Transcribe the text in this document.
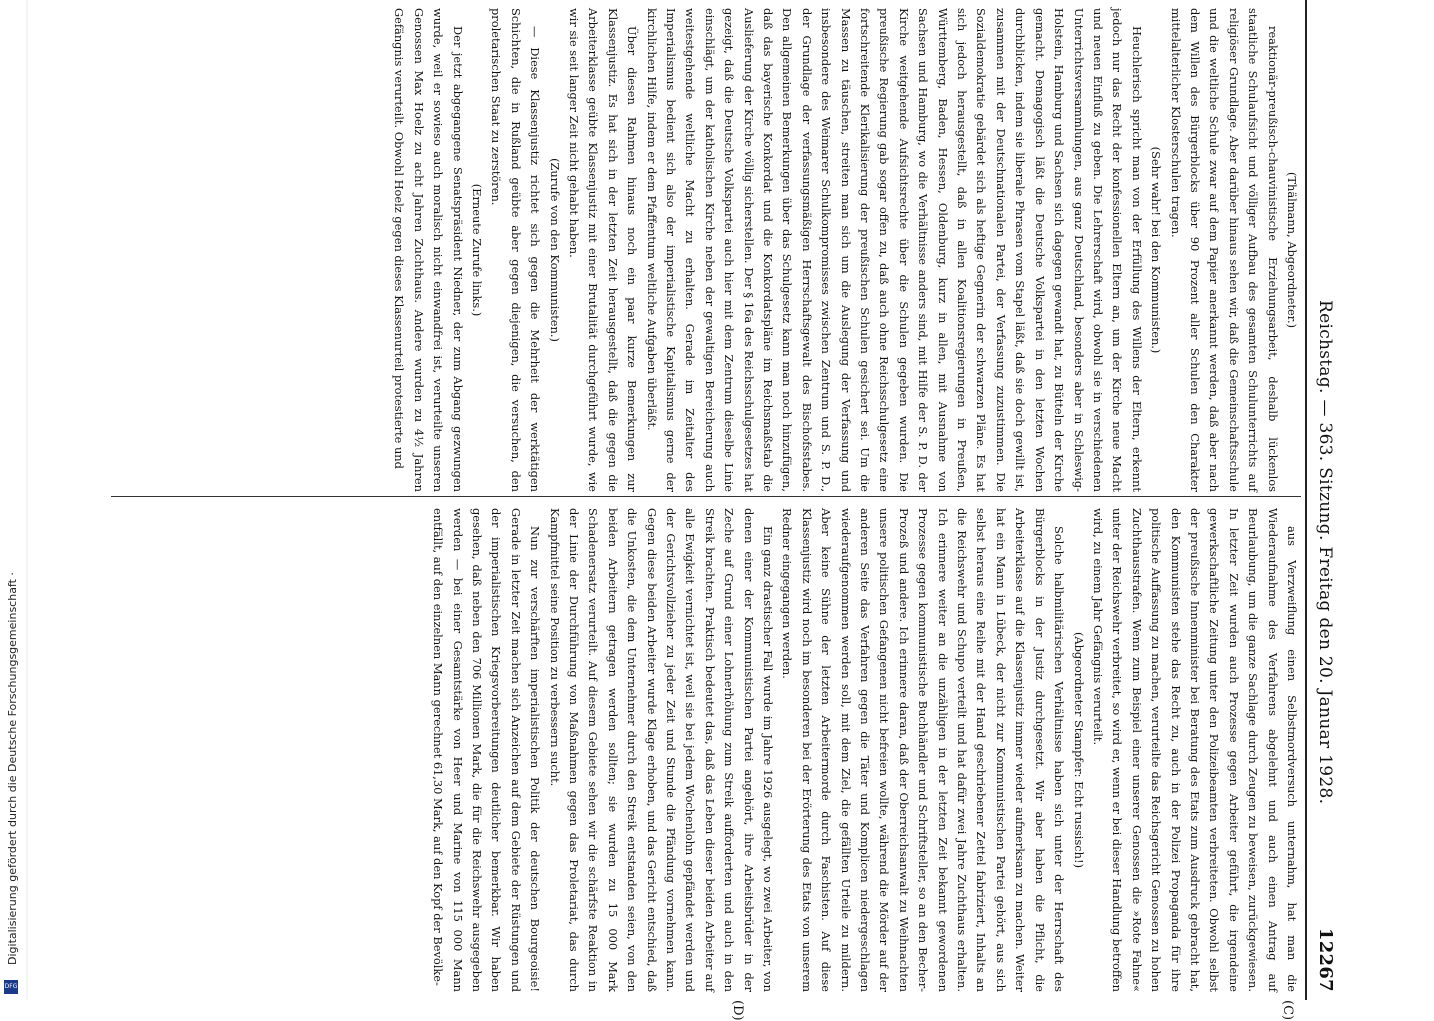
Digitalisierung gefördert durch die Deutsche Forschungsgemeinschaft ·
DFG
Reichstag. — 363. Sitzung. Freitag den 20. Januar 1928.
12267
(C)
(D)

(Thälmann, Abgeordneter.)

reaktionär-preußisch-chauvinistische Erziehungsarbeit, deshalb lückenlos staatliche Schulaufsicht und völliger Aufbau des gesamten Schulunterrichts auf religiöser Grundlage. Aber darüber hinaus sehen wir, daß die Gemeinschaftsschule und die weltliche Schule zwar auf dem Papier anerkannt werden, daß aber nach dem Willen des Bürgerblocks über 90 Prozent aller Schulen den Charakter mittelalterlicher Klosterschulen tragen.

(Sehr wahr! bei den Kommunisten.)

Heuchlerisch spricht man von der Erfüllung des Willens der Eltern, erkennt jedoch nur das Recht der konfessionellen Eltern an, um der Kirche neue Macht und neuen Einfluß zu geben. Die Lehrerschaft wird, obwohl sie in verschiedenen Unterrichtsversammlungen, aus ganz Deutschland, besonders aber in Schleswig-Holstein, Hamburg und Sachsen sich dagegen gewandt hat, zu Bütteln der Kirche gemacht. Demagogisch läßt die Deutsche Volkspartei in den letzten Wochen durchblicken, indem sie liberale Phrasen vom Stapel läßt, daß sie doch gewillt ist, zusammen mit der Deutschnationalen Partei, der Verfassung zuzustimmen. Die Sozialdemokratie gebärdet sich als heftige Gegnerin der schwarzen Pläne. Es hat sich jedoch herausgestellt, daß in allen Koalitionsregierungen in Preußen, Württemberg, Baden, Hessen, Oldenburg, kurz in allen, mit Ausnahme von Sachsen und Hamburg, wo die Verhältnisse anders sind, mit Hilfe der S. P. D. der Kirche weitgehende Aufsichtsrechte über die Schulen gegeben wurden. Die preußische Regierung gab sogar offen zu, daß auch ohne Reichsschulgesetz eine fortschreitende Klerikalisierung der preußischen Schulen gesichert sei. Um die Massen zu täuschen, streiten man sich um die Auslegung der Verfassung und insbesondere des Weimarer Schulkompromisses zwischen Zentrum und S. P. D., der Grundlage der verfassungsmäßigen Herrschaftsgewalt des Bischofsstabes. Den allgemeinen Bemerkungen über das Schulgesetz kann man noch hinzufügen, daß das bayerische Konkordat und die Konkordatspläne im Reichsmaßstab die Auslieferung der Kirche völlig sicherstellen. Der § 16a des Reichsschulgesetzes hat gezeigt, daß die Deutsche Volkspartei auch hier mit dem Zentrum dieselbe Linie einschlägt, um der katholischen Kirche neben der gewaltigen Bereicherung auch weitestgehende weltliche Macht zu erhalten. Gerade im Zeitalter des Imperialismus bedient sich also der imperialistische Kapitalismus gerne der kirchlichen Hilfe, indem er dem Pfaffentum weltliche Aufgaben überläßt.

Über diesen Rahmen hinaus noch ein paar kurze Bemerkungen zur Klassenjustiz. Es hat sich in der letzten Zeit herausgestellt, daß die gegen die Arbeiterklasse geübte Klassenjustiz mit einer Brutalität durchgeführt wurde, wie wir sie seit langer Zeit nicht gehabt haben.

(Zurufe von den Kommunisten.)

— Diese Klassenjustiz richtet sich gegen die Mehrheit der werktätigen Schichten, die in Rußland geübte aber gegen diejenigen, die versuchen, den proletarischen Staat zu zerstören.

(Erneute Zurufe links.)

Der jetzt abgegangene Senatspräsident Niedner, der zum Abgang gezwungen wurde, weil er sowieso auch moralisch nicht einwandfrei ist, verurteilte unseren Genossen Max Hoelz zu acht Jahren Zuchthaus. Andere wurden zu 4½ Jahren Gefängnis verurteilt. Obwohl Hoelz gegen dieses Klassenurteil protestierte und

aus Verzweiflung einen Selbstmordversuch unternahm, hat man die Wiederaufnahme des Verfahrens abgelehnt und auch einen Antrag auf Beurlaubung, um die ganze Sachlage durch Zeugen zu beweisen, zurückgewiesen. In letzter Zeit wurden auch Prozesse gegen Arbeiter geführt, die irgendeine gewerkschaftliche Zeitung unter den Polizeibeamten verbreiteten. Obwohl selbst der preußische Innenminister bei Beratung des Etats zum Ausdruck gebracht hat, den Kommunisten stehe das Recht zu, auch in der Polizei Propaganda für ihre politische Auffassung zu machen, verurteilte das Reichsgericht Genossen zu hohen Zuchthausstrafen. Wenn zum Beispiel einer unserer Genossen die »Rote Fahne« unter der Reichswehr verbreitet, so wird er, wenn er bei dieser Handlung betroffen wird, zu einem Jahr Gefängnis verurteilt.

(Abgeordneter Stampfer: Echt russisch!)

Solche halbmilitärischen Verhältnisse haben sich unter der Herrschaft des Bürgerblocks in der Justiz durchgesetzt. Wir aber haben die Pflicht, die Arbeiterklasse auf die Klassenjustiz immer wieder aufmerksam zu machen. Weiter hat ein Mann in Lübeck, der nicht zur Kommunistischen Partei gehört, aus sich selbst heraus eine Reihe mit der Hand geschriebener Zettel fabriziert, Inhalts an die Reichswehr und Schupo verteilt und hat dafür zwei Jahre Zuchthaus erhalten. Ich erinnere weiter an die unzähligen in der letzten Zeit bekannt gewordenen Prozesse gegen kommunistische Buchhändler und Schriftsteller, so an den Becher-Prozeß und andere. Ich erinnere daran, daß der Oberreichsanwalt zu Weihnachten unsere politischen Gefangenen nicht befreien wollte, während die Mörder auf der anderen Seite das Verfahren gegen die Täter und Komplicen niedergeschlagen wiederaufgenommen werden soll, mit dem Ziel, die gefällten Urteile zu mildern. Aber keine Sühne der letzten Arbeitermorde durch Faschisten. Auf diese Klassenjustiz wird noch im besonderen bei der Erörterung des Etats von unserem Redner eingegangen werden.

Ein ganz drastischer Fall wurde im Jahre 1926 ausgelegt, wo zwei Arbeiter, von denen einer der Kommunistischen Partei angehört, ihre Arbeitsbrüder in der Zeche auf Grund einer Lohnerhöhung zum Streik aufforderten und auch in den Streik brachten. Praktisch bedeutet das, daß das Leben dieser beiden Arbeiter auf alle Ewigkeit vernichtet ist, weil sie bei jedem Wochenlohn gepfändet werden und der Gerichtsvollzieher zu jeder Zeit und Stunde die Pfändung vornehmen kann. Gegen diese beiden Arbeiter wurde Klage erhoben, und das Gericht entschied, daß die Unkosten, die dem Unternehmer durch den Streik entstanden seien, von den beiden Arbeitern getragen werden sollten; sie wurden zu 15 000 Mark Schadenersatz verurteilt. Auf diesem Gebiete sehen wir die schärfste Reaktion in der Linie der Durchführung von Maßnahmen gegen das Proletariat, das durch Kampfmittel seine Position zu verbessern sucht.

Nun zur verschärften imperialistischen Politik der deutschen Bourgeoisie! Gerade in letzter Zeit machen sich Anzeichen auf dem Gebiete der Rüstungen und der imperialistischen Kriegsvorbereitungen deutlicher bemerkbar. Wir haben gesehen, daß neben den 706 Millionen Mark, die für die Reichswehr ausgegeben werden — bei einer Gesamtstärke von Heer und Marine von 115 000 Mann entfällt, auf den einzelnen Mann gerechnet 61,30 Mark, auf den Kopf der Bevölke-
